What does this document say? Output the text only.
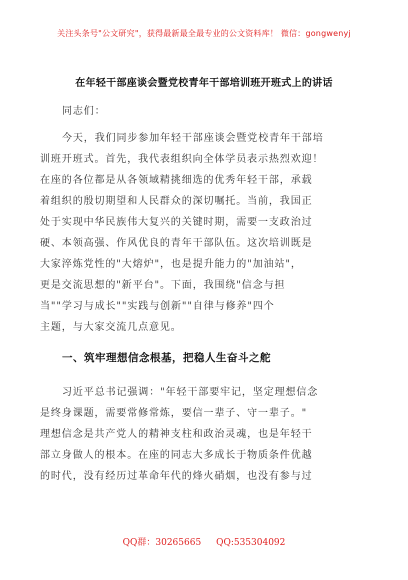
关注头条号"公文研究"，获得最新最全最专业的公文资料库！ 微信：gongwenyj
在年轻干部座谈会暨党校青年干部培训班开班式上的讲话
同志们：
今天，我们同步参加年轻干部座谈会暨党校青年干部培
训班开班式。首先，我代表组织向全体学员表示热烈欢迎！
在座的各位都是从各领域精挑细选的优秀年轻干部，承载
着组织的殷切期望和人民群众的深切嘱托。当前，我国正
处于实现中华民族伟大复兴的关键时期，需要一支政治过
硬、本领高强、作风优良的青年干部队伍。这次培训既是
大家淬炼党性的"大熔炉"，也是提升能力的"加油站"，
更是交流思想的"新平台"。下面，我围绕"信念与担
当""学习与成长""实践与创新""自律与修养"四个
主题，与大家交流几点意见。
一、筑牢理想信念根基，把稳人生奋斗之舵
习近平总书记强调："年轻干部要牢记，坚定理想信念
是终身课题，需要常修常炼，要信一辈子、守一辈子。"
理想信念是共产党人的精神支柱和政治灵魂，也是年轻干
部立身做人的根本。在座的同志大多成长于物质条件优越
的时代，没有经历过革命年代的烽火硝烟，也没有参与过
QQ群：30265665 QQ:535304092
